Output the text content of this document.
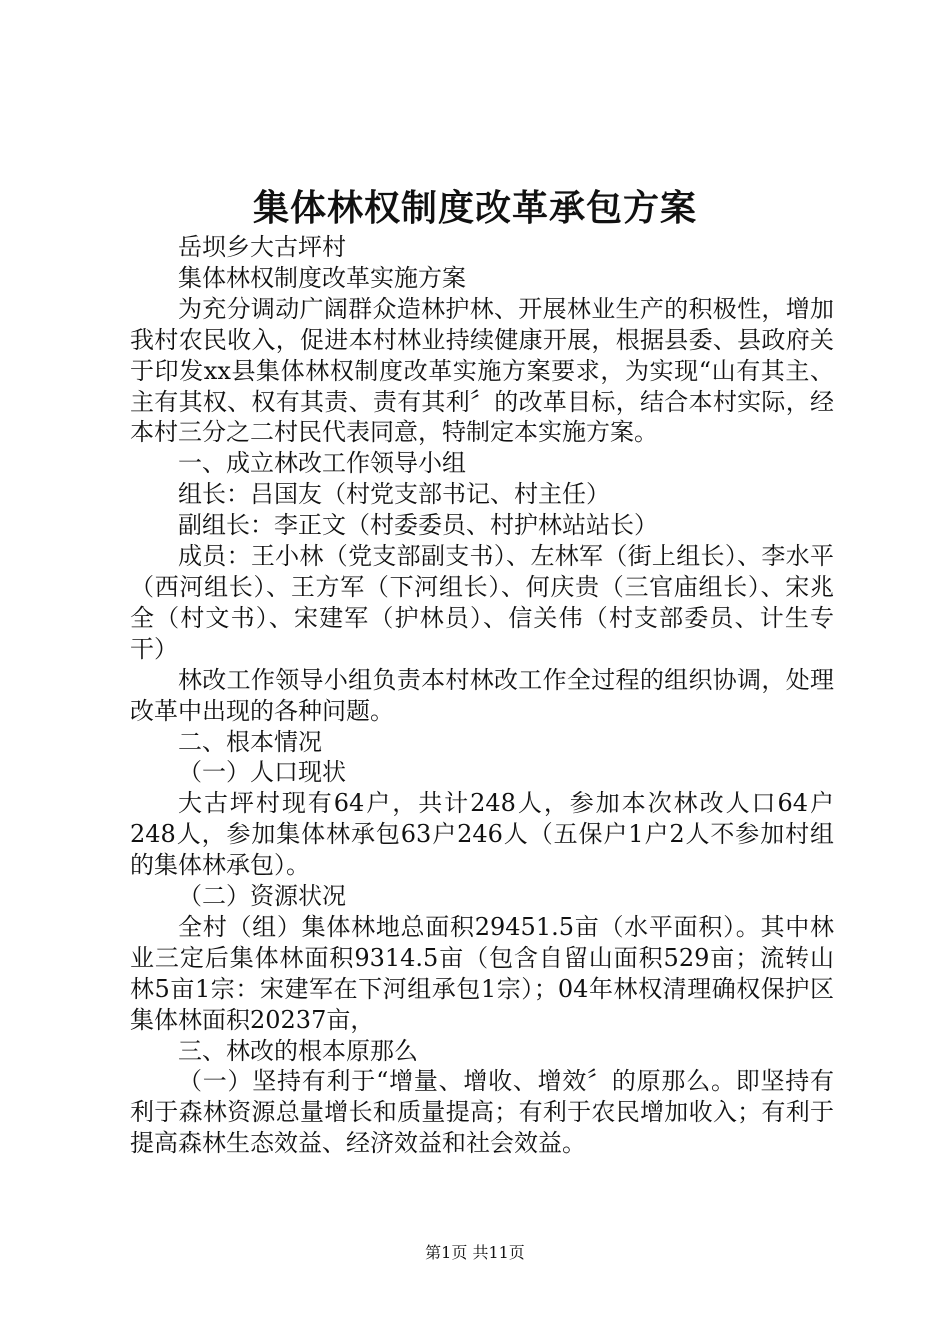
集体林权制度改革承包方案

岳坝乡大古坪村

集体林权制度改革实施方案

为充分调动广阔群众造林护林、开展林业生产的积极性，增加我村农民收入，促进本村林业持续健康开展，根据县委、县政府关于印发xx县集体林权制度改革实施方案要求，为实现“山有其主、主有其权、权有其责、责有其利〞的改革目标，结合本村实际，经本村三分之二村民代表同意，特制定本实施方案。

一、成立林改工作领导小组

组长：吕国友（村党支部书记、村主任）

副组长：李正文（村委委员、村护林站站长）

成员：王小林（党支部副支书）、左林军（街上组长）、李水平（西河组长）、王方军（下河组长）、何庆贵（三官庙组长）、宋兆全（村文书）、宋建军（护林员）、信关伟（村支部委员、计生专干）

林改工作领导小组负责本村林改工作全过程的组织协调，处理改革中出现的各种问题。

二、根本情况

（一）人口现状

大古坪村现有64户，共计248人，参加本次林改人口64户248人，参加集体林承包63户246人（五保户1户2人不参加村组的集体林承包）。

（二）资源状况

全村（组）集体林地总面积29451.5亩（水平面积）。其中林业三定后集体林面积9314.5亩（包含自留山面积529亩；流转山林5亩1宗：宋建军在下河组承包1宗）；04年林权清理确权保护区集体林面积20237亩，

三、林改的根本原那么

（一）坚持有利于“增量、增收、增效〞的原那么。即坚持有利于森林资源总量增长和质量提高；有利于农民增加收入；有利于提高森林生态效益、经济效益和社会效益。

第1页 共11页
